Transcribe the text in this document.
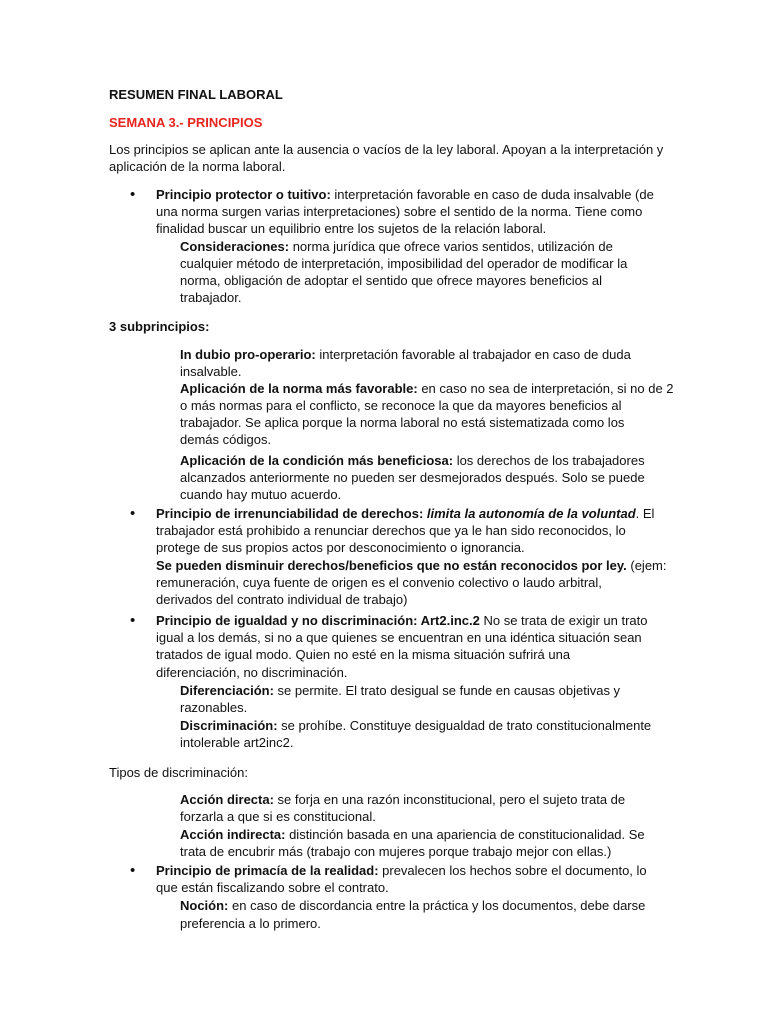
RESUMEN FINAL LABORAL
SEMANA 3.- PRINCIPIOS
Los principios se aplican ante la ausencia o vacíos de la ley laboral. Apoyan a la interpretación y
aplicación de la norma laboral.
• Principio protector o tuitivo: interpretación favorable en caso de duda insalvable (de
una norma surgen varias interpretaciones) sobre el sentido de la norma. Tiene como
finalidad buscar un equilibrio entre los sujetos de la relación laboral.
Consideraciones: norma jurídica que ofrece varios sentidos, utilización de
cualquier método de interpretación, imposibilidad del operador de modificar la
norma, obligación de adoptar el sentido que ofrece mayores beneficios al
trabajador.
3 subprincipios:
In dubio pro-operario: interpretación favorable al trabajador en caso de duda
insalvable.
Aplicación de la norma más favorable: en caso no sea de interpretación, si no de 2
o más normas para el conflicto, se reconoce la que da mayores beneficios al
trabajador. Se aplica porque la norma laboral no está sistematizada como los
demás códigos.
Aplicación de la condición más beneficiosa: los derechos de los trabajadores
alcanzados anteriormente no pueden ser desmejorados después. Solo se puede
cuando hay mutuo acuerdo.
• Principio de irrenunciabilidad de derechos: limita la autonomía de la voluntad. El
trabajador está prohibido a renunciar derechos que ya le han sido reconocidos, lo
protege de sus propios actos por desconocimiento o ignorancia.
Se pueden disminuir derechos/beneficios que no están reconocidos por ley. (ejem:
remuneración, cuya fuente de origen es el convenio colectivo o laudo arbitral,
derivados del contrato individual de trabajo)
• Principio de igualdad y no discriminación: Art2.inc.2 No se trata de exigir un trato
igual a los demás, si no a que quienes se encuentran en una idéntica situación sean
tratados de igual modo. Quien no esté en la misma situación sufrirá una
diferenciación, no discriminación.
Diferenciación: se permite. El trato desigual se funde en causas objetivas y
razonables.
Discriminación: se prohíbe. Constituye desigualdad de trato constitucionalmente
intolerable art2inc2.
Tipos de discriminación:
Acción directa: se forja en una razón inconstitucional, pero el sujeto trata de
forzarla a que si es constitucional.
Acción indirecta: distinción basada en una apariencia de constitucionalidad. Se
trata de encubrir más (trabajo con mujeres porque trabajo mejor con ellas.)
• Principio de primacía de la realidad: prevalecen los hechos sobre el documento, lo
que están fiscalizando sobre el contrato.
Noción: en caso de discordancia entre la práctica y los documentos, debe darse
preferencia a lo primero.
